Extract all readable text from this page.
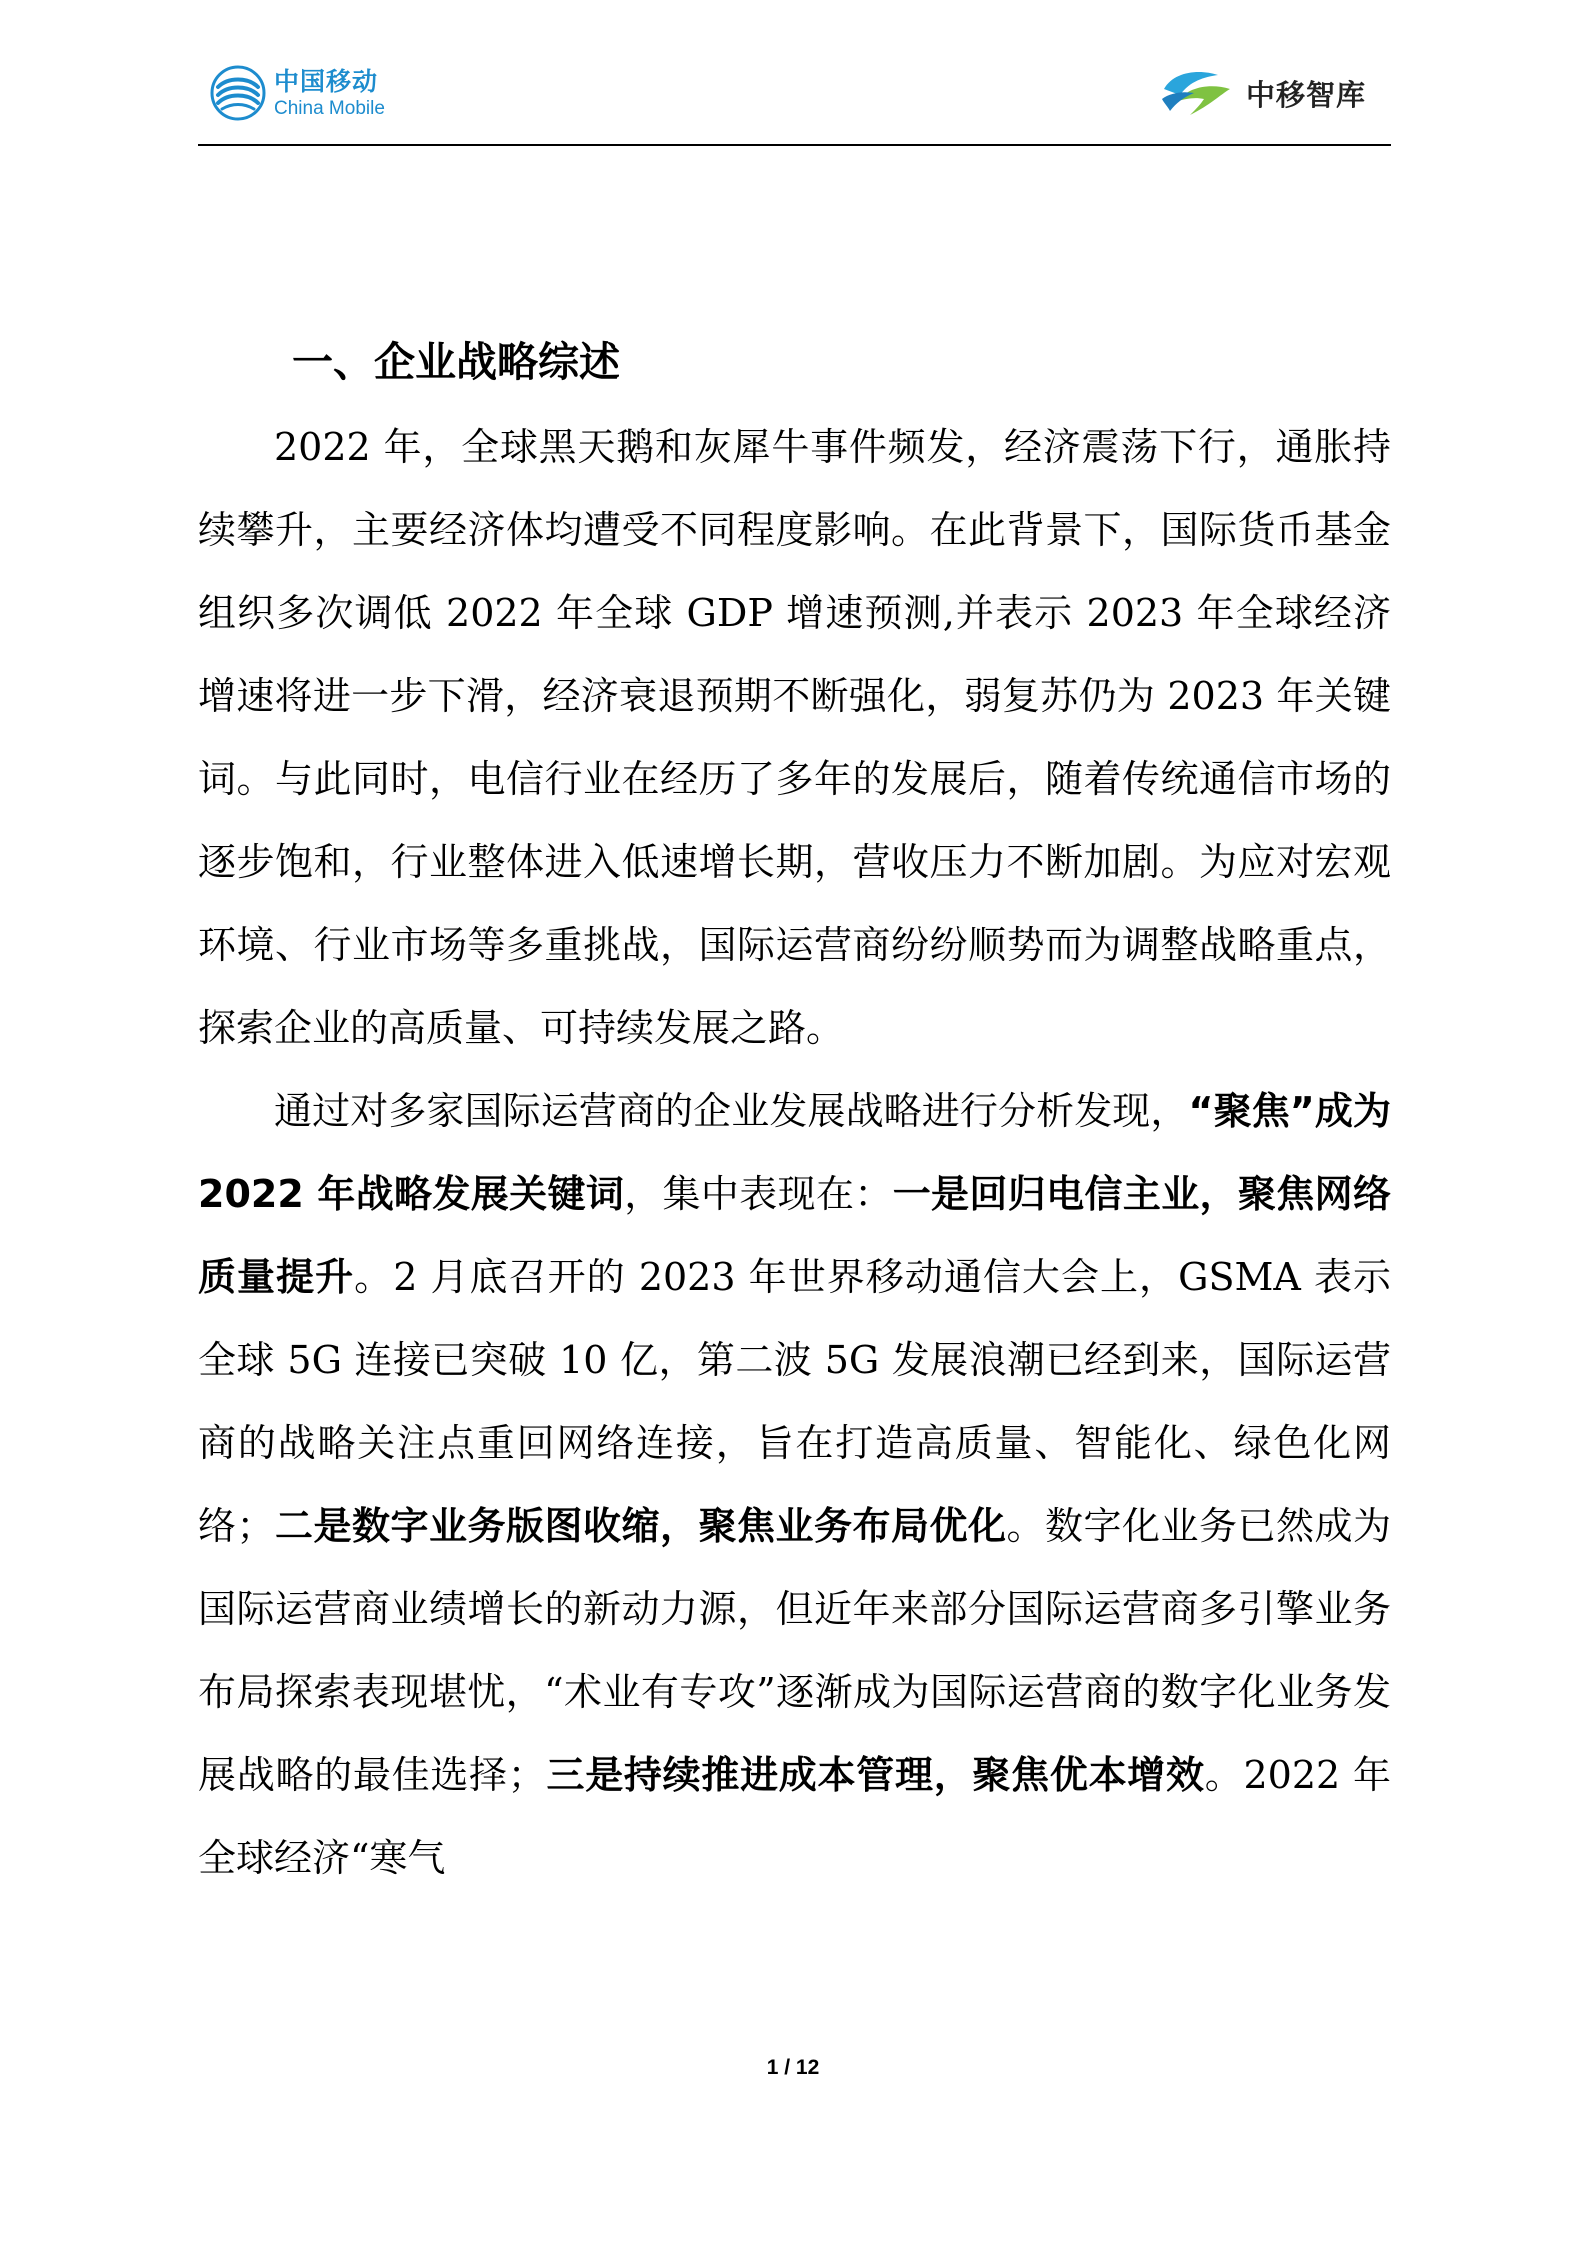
中国移动
China Mobile	中移智库
一、企业战略综述

2022 年，全球黑天鹅和灰犀牛事件频发，经济震荡下行，通胀持续攀升，主要经济体均遭受不同程度影响。在此背景下，国际货币基金组织多次调低 2022 年全球 GDP 增速预测,并表示 2023 年全球经济增速将进一步下滑，经济衰退预期不断强化，弱复苏仍为 2023 年关键词。与此同时，电信行业在经历了多年的发展后，随着传统通信市场的逐步饱和，行业整体进入低速增长期，营收压力不断加剧。为应对宏观环境、行业市场等多重挑战，国际运营商纷纷顺势而为调整战略重点，探索企业的高质量、可持续发展之路。

通过对多家国际运营商的企业发展战略进行分析发现，“聚焦”成为 2022 年战略发展关键词，集中表现在：一是回归电信主业，聚焦网络质量提升。2 月底召开的 2023 年世界移动通信大会上，GSMA 表示全球 5G 连接已突破 10 亿，第二波 5G 发展浪潮已经到来，国际运营商的战略关注点重回网络连接，旨在打造高质量、智能化、绿色化网络；二是数字业务版图收缩，聚焦业务布局优化。数字化业务已然成为国际运营商业绩增长的新动力源，但近年来部分国际运营商多引擎业务布局探索表现堪忧，“术业有专攻”逐渐成为国际运营商的数字化业务发展战略的最佳选择；三是持续推进成本管理，聚焦优本增效。2022 年全球经济“寒气

1 / 12
